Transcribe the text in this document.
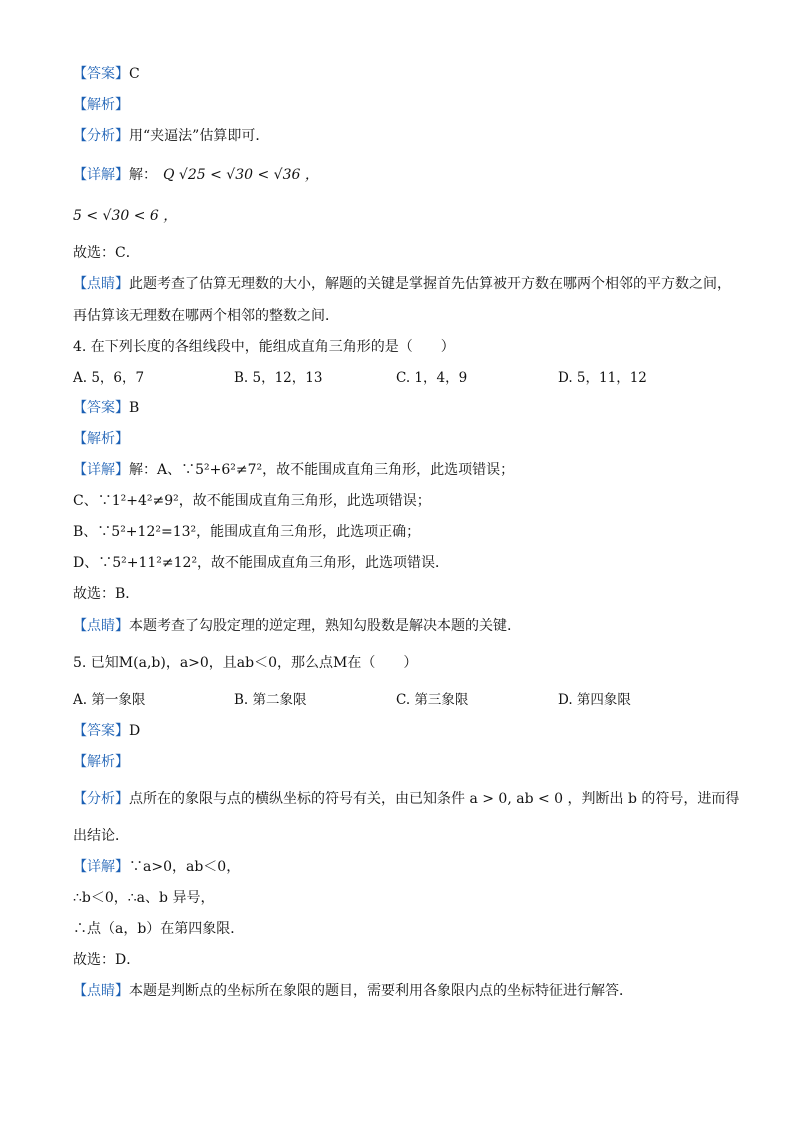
【答案】C
【解析】
【分析】用“夹逼法”估算即可．
【详解】解： Q √25 < √30 < √36 ，
5 < √30 < 6 ，
故选：C．
【点睛】此题考查了估算无理数的大小，解题的关键是掌握首先估算被开方数在哪两个相邻的平方数之间，
再估算该无理数在哪两个相邻的整数之间．
4. 在下列长度的各组线段中，能组成直角三角形的是（　　）
A. 5，6，7	B. 5，12，13	C. 1，4，9	D. 5，11，12
【答案】B
【解析】
【详解】解：A、∵5²+6²≠7²，故不能围成直角三角形，此选项错误；
C、∵1²+4²≠9²，故不能围成直角三角形，此选项错误；
B、∵5²+12²=13²，能围成直角三角形，此选项正确；
D、∵5²+11²≠12²，故不能围成直角三角形，此选项错误．
故选：B．
【点睛】本题考查了勾股定理的逆定理，熟知勾股数是解决本题的关键.
5. 已知M(a,b)，a>0，且ab＜0，那么点M在（　　）
A. 第一象限	B. 第二象限	C. 第三象限	D. 第四象限
【答案】D
【解析】
【分析】点所在的象限与点的横纵坐标的符号有关，由已知条件 a > 0, ab < 0 ，判断出 b 的符号，进而得
出结论．
【详解】∵a>0，ab＜0，
∴b＜0，∴a、b 异号，
∴点（a，b）在第四象限．
故选：D．
【点睛】本题是判断点的坐标所在象限的题目，需要利用各象限内点的坐标特征进行解答．
